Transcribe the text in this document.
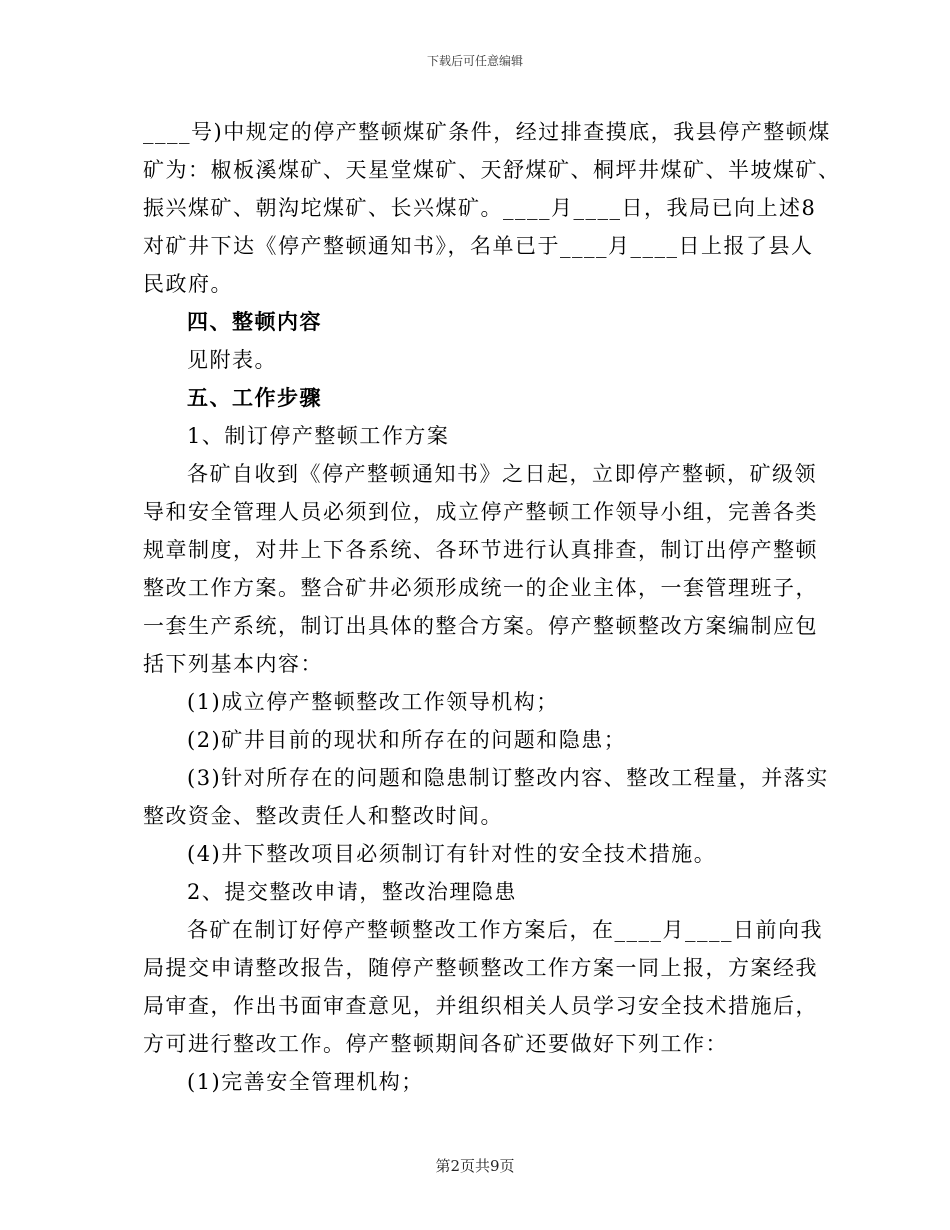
下载后可任意编辑
____号)中规定的停产整顿煤矿条件，经过排查摸底，我县停产整顿煤
矿为：椒板溪煤矿、天星堂煤矿、天舒煤矿、桐坪井煤矿、半坡煤矿、
振兴煤矿、朝沟坨煤矿、长兴煤矿。____月____日，我局已向上述8
对矿井下达《停产整顿通知书》，名单已于____月____日上报了县人
民政府。
四、整顿内容
见附表。
五、工作步骤
1、制订停产整顿工作方案
各矿自收到《停产整顿通知书》之日起，立即停产整顿，矿级领
导和安全管理人员必须到位，成立停产整顿工作领导小组，完善各类
规章制度，对井上下各系统、各环节进行认真排查，制订出停产整顿
整改工作方案。整合矿井必须形成统一的企业主体，一套管理班子，
一套生产系统，制订出具体的整合方案。停产整顿整改方案编制应包
括下列基本内容：
(1)成立停产整顿整改工作领导机构；
(2)矿井目前的现状和所存在的问题和隐患；
(3)针对所存在的问题和隐患制订整改内容、整改工程量，并落实
整改资金、整改责任人和整改时间。
(4)井下整改项目必须制订有针对性的安全技术措施。
2、提交整改申请，整改治理隐患
各矿在制订好停产整顿整改工作方案后，在____月____日前向我
局提交申请整改报告，随停产整顿整改工作方案一同上报，方案经我
局审查，作出书面审查意见，并组织相关人员学习安全技术措施后，
方可进行整改工作。停产整顿期间各矿还要做好下列工作：
(1)完善安全管理机构；
第2页共9页
